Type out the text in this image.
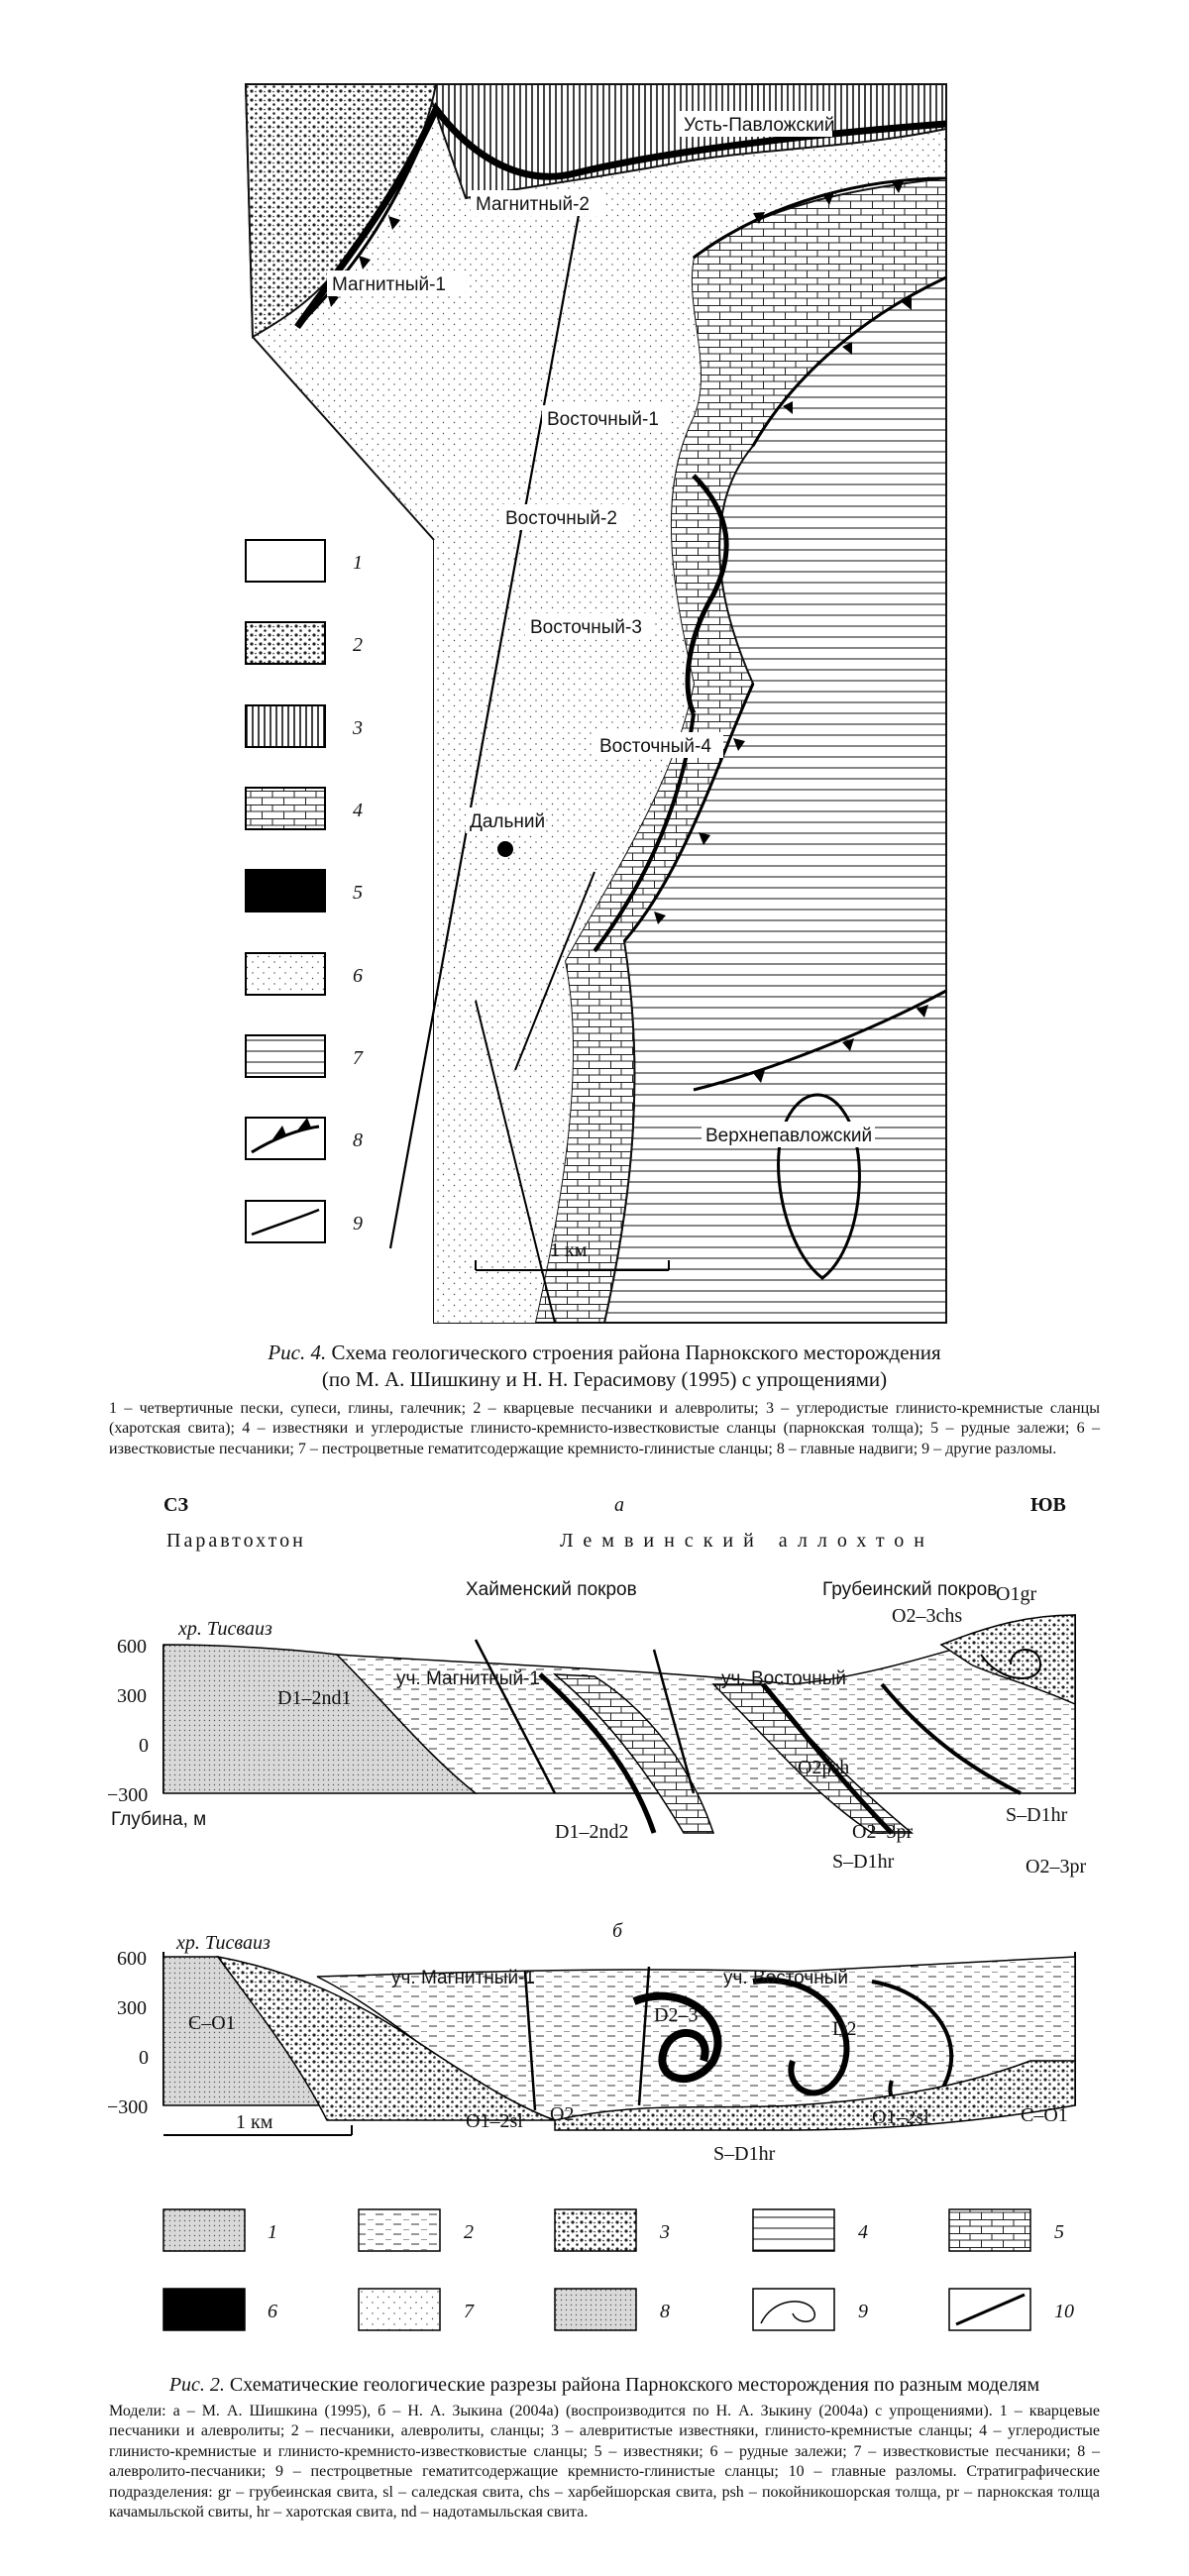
Усть-Павложский
Магнитный-2
Магнитный-1
Восточный-1
Восточный-2
Восточный-3
Восточный-4
Дальний
Верхнепавложский
1 км
1
2
3
4
5
6
7
8
9
СЗ	а	ЮВ
Паравтохтон	Лемвинский аллохтон
Хайменский покров	Грубеинский покров
600
300
0
−300
Глубина, м
хр. Тисваиз
уч. Магнитный-1	уч. Восточный
D1–2nd1
D1–2nd2
O2psh
O2–3pr
S–D1hr
O2–3chs
O1gr
S–D1hr
O2–3pr
б
600
300
0
−300
хр. Тисваиз
уч. Магнитный-1	уч. Восточный
Є–O1	D2–3
D2
O1–2sl O2
S–D1hr
O1–2sl	C–O1
1 км
1	2	3	4	5
6	7	8	9	10
Рис. 4. Схема геологического строения района Парнокского месторождения
(по М. А. Шишкину и Н. Н. Герасимову (1995) с упрощениями)
1 – четвертичные пески, супеси, глины, галечник; 2 – кварцевые песчаники и алевролиты; 3 – углеродистые глинисто-кремнистые сланцы (харотская свита); 4 – известняки и углеродистые глинисто-кремнисто-известковистые сланцы (парнокская толща); 5 – рудные залежи; 6 – известковистые песчаники; 7 – пестроцветные гематитсодержащие кремнисто-глинистые сланцы; 8 – главные надвиги; 9 – другие разломы.
Рис. 2. Схематические геологические разрезы района Парнокского месторождения по разным моделям
Модели: а – М. А. Шишкина (1995), б – Н. А. Зыкина (2004а) (воспроизводится по Н. А. Зыкину (2004а) с упрощениями). 1 – кварцевые песчаники и алевролиты; 2 – песчаники, алевролиты, сланцы; 3 – алевритистые известняки, глинисто-кремнистые сланцы; 4 – углеродистые глинисто-кремнистые и глинисто-кремнисто-известковистые сланцы; 5 – известняки; 6 – рудные залежи; 7 – известковистые песчаники; 8 – алевролито-песчаники; 9 – пестроцветные гематитсодержащие кремнисто-глинистые сланцы; 10 – главные разломы. Стратиграфические подразделения: gr – грубеинская свита, sl – саледская свита, chs – харбейшорская свита, psh – покойникошорская толща, pr – парнокская толща качамыльской свиты, hr – харотская свита, nd – надотамыльская свита.
